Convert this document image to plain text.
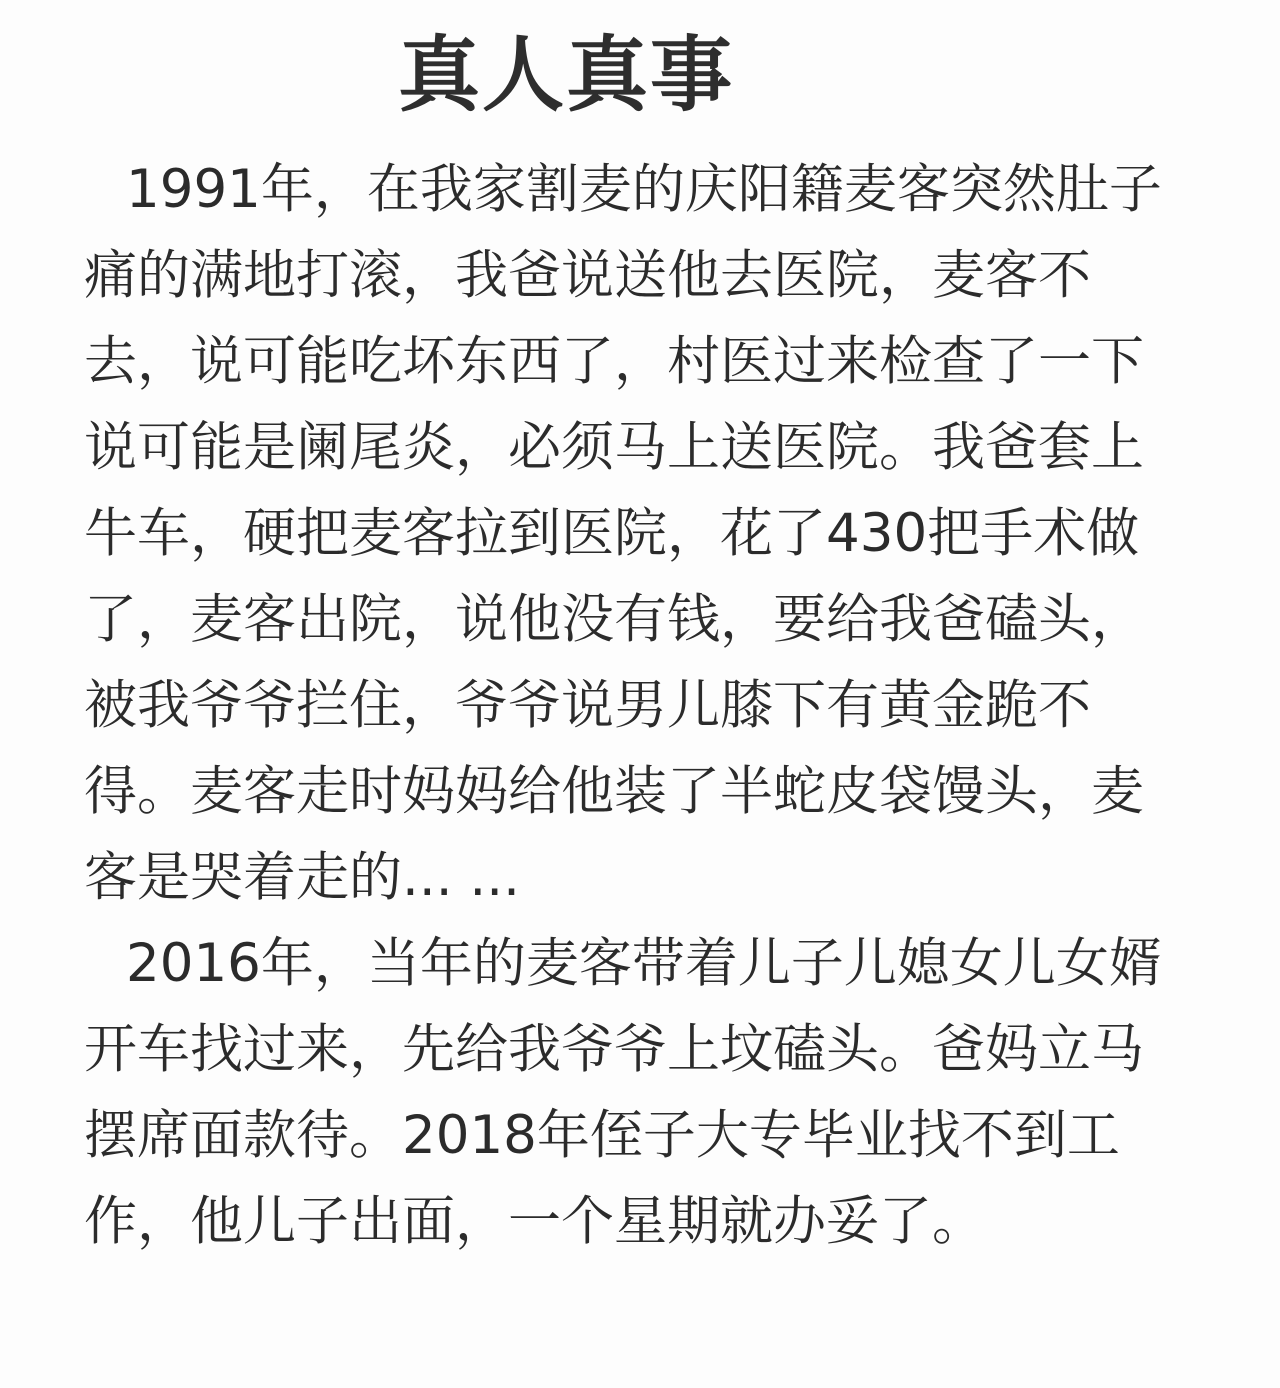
真人真事
1991年，在我家割麦的庆阳籍麦客突然肚子
痛的满地打滚，我爸说送他去医院，麦客不
去，说可能吃坏东西了，村医过来检查了一下
说可能是阑尾炎，必须马上送医院。我爸套上
牛车，硬把麦客拉到医院，花了430把手术做
了，麦客出院，说他没有钱，要给我爸磕头，
被我爷爷拦住，爷爷说男儿膝下有黄金跪不
得。麦客走时妈妈给他装了半蛇皮袋馒头，麦
客是哭着走的... ...
2016年，当年的麦客带着儿子儿媳女儿女婿
开车找过来，先给我爷爷上坟磕头。爸妈立马
摆席面款待。2018年侄子大专毕业找不到工
作，他儿子出面，一个星期就办妥了。
